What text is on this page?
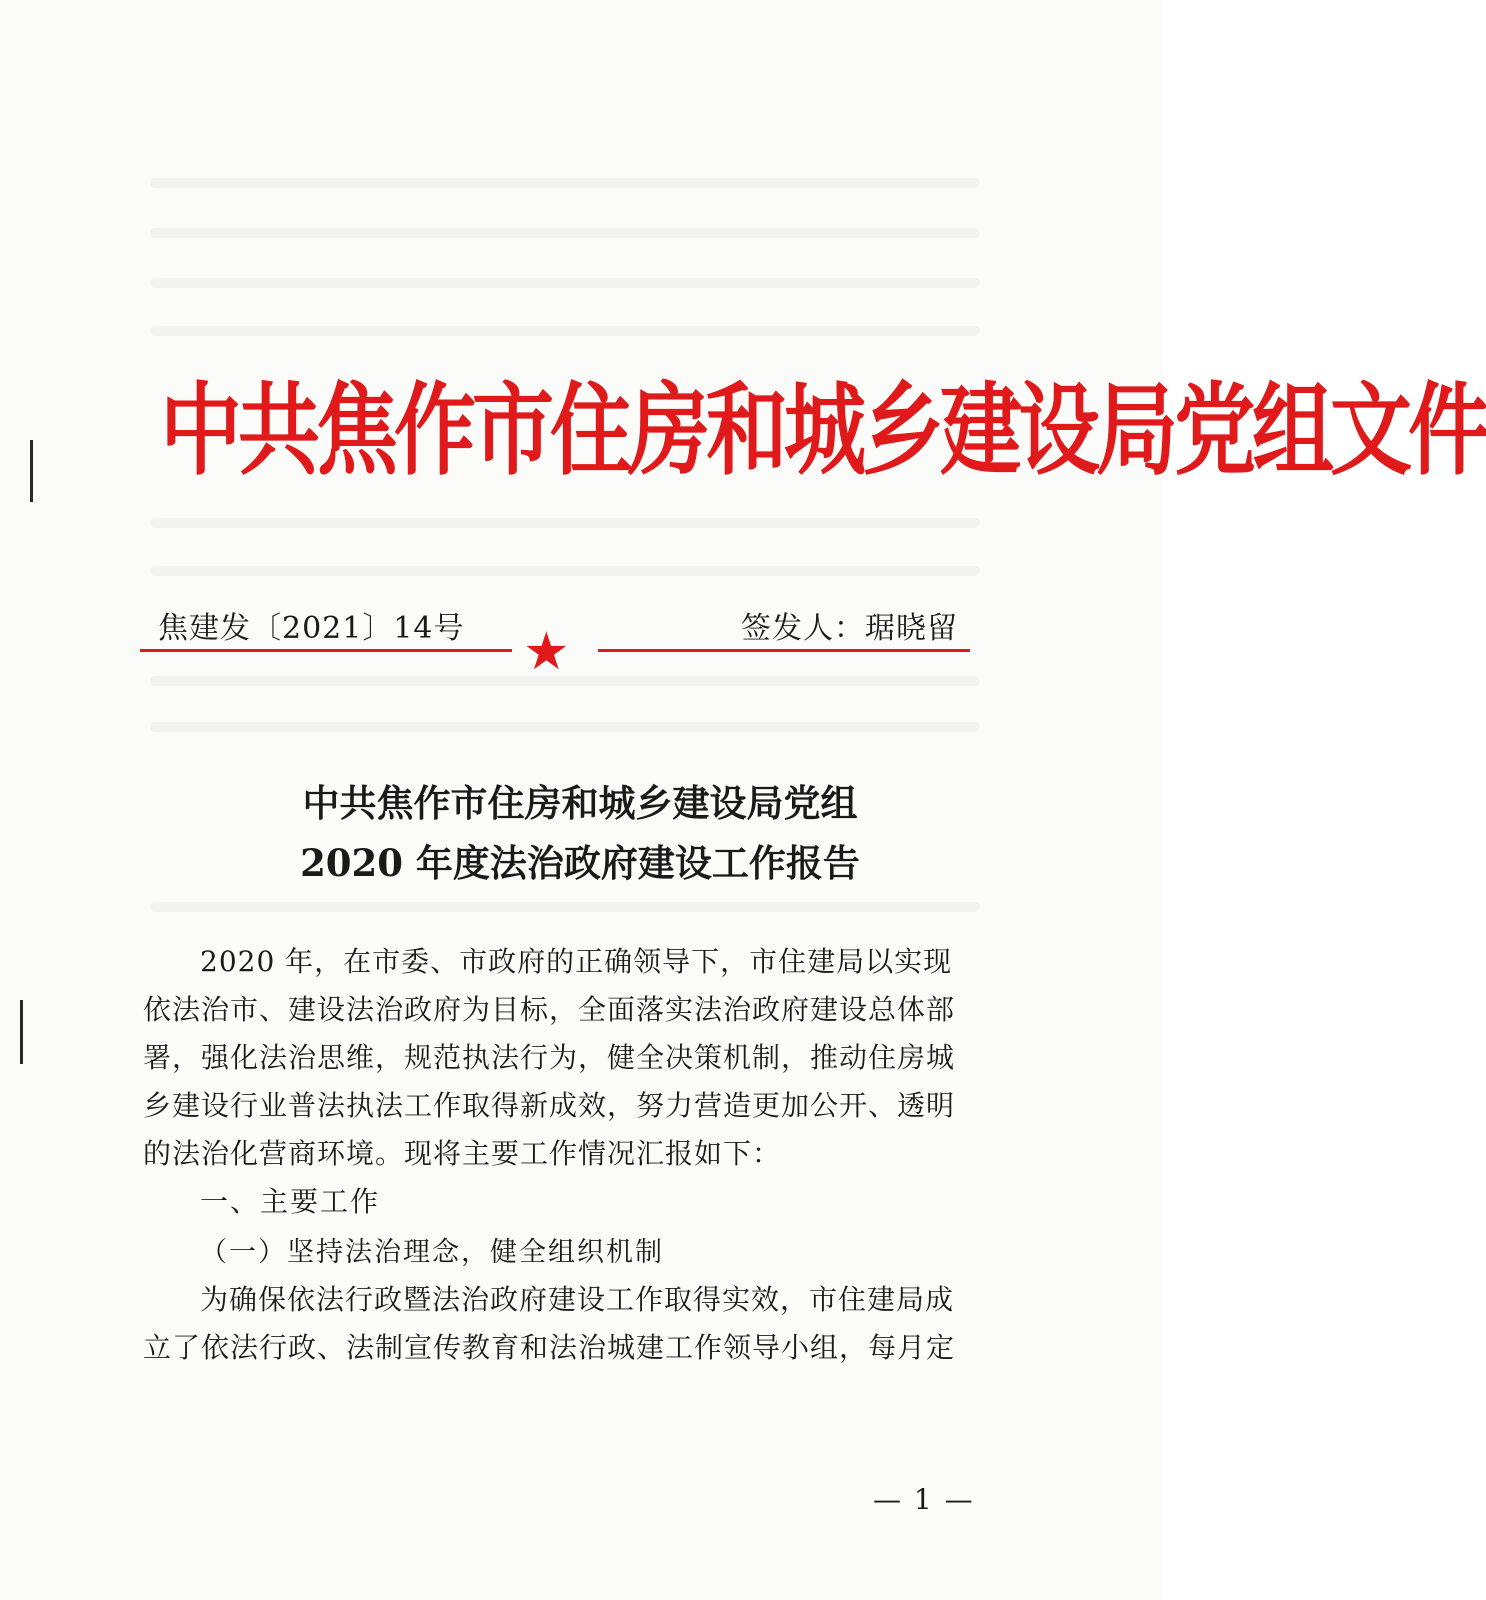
中共焦作市住房和城乡建设局党组文件
焦建发〔2021〕14号	签发人：琚晓留
★
中共焦作市住房和城乡建设局党组
2020 年度法治政府建设工作报告
2020 年，在市委、市政府的正确领导下，市住建局以实现
依法治市、建设法治政府为目标，全面落实法治政府建设总体部
署，强化法治思维，规范执法行为，健全决策机制，推动住房城
乡建设行业普法执法工作取得新成效，努力营造更加公开、透明
的法治化营商环境。现将主要工作情况汇报如下：
一、主要工作
（一）坚持法治理念，健全组织机制
为确保依法行政暨法治政府建设工作取得实效，市住建局成
立了依法行政、法制宣传教育和法治城建工作领导小组，每月定
— 1 —
